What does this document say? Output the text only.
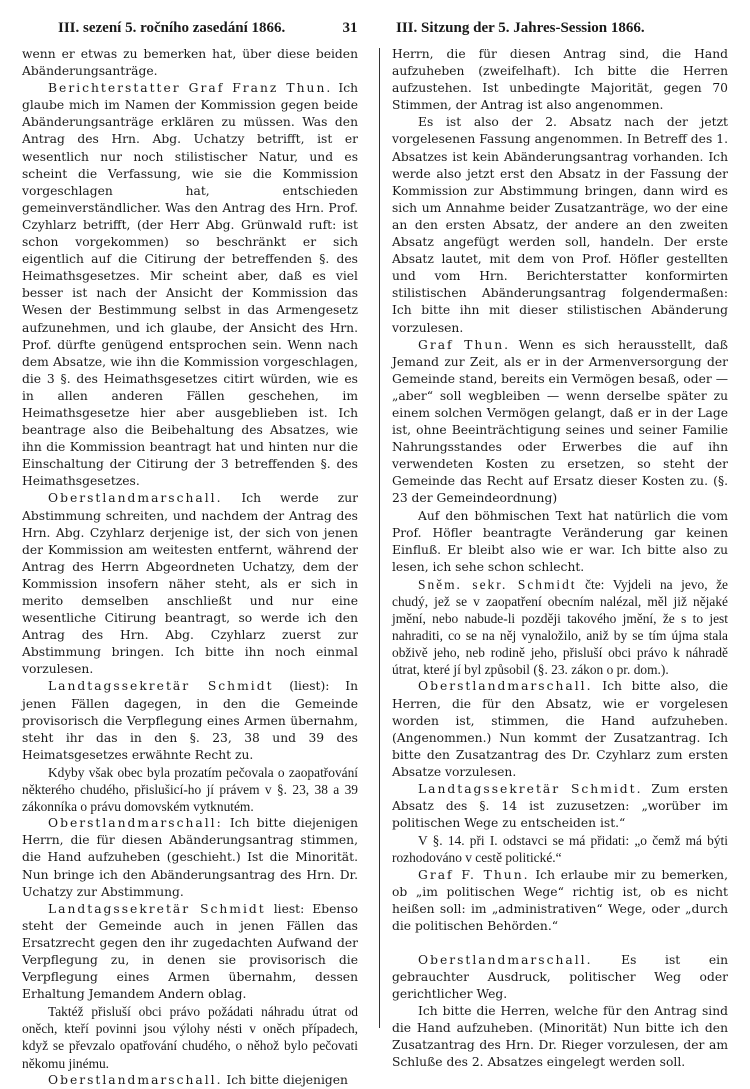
III. sezení 5. ročního zasedání 1866.	31	III. Sitzung der 5. Jahres-Session 1866.

wenn er etwas zu bemerken hat, über diese beiden Abänderungsanträge.

Berichterstatter Graf Franz Thun. Ich glaube mich im Namen der Kommission gegen beide Abänderungsanträge erklären zu müssen. Was den Antrag des Hrn. Abg. Uchatzy betrifft, ist er wesentlich nur noch stilistischer Natur, und es scheint die Verfassung, wie sie die Kommission vorgeschlagen hat, entschieden gemeinverständlicher. Was den Antrag des Hrn. Prof. Czyhlarz betrifft, (der Herr Abg. Grünwald ruft: ist schon vorgekommen) so beschränkt er sich eigentlich auf die Citirung der betreffenden §. des Heimathsgesetzes. Mir scheint aber, daß es viel besser ist nach der Ansicht der Kommission das Wesen der Bestimmung selbst in das Armengesetz aufzunehmen, und ich glaube, der Ansicht des Hrn. Prof. dürfte genügend entsprochen sein. Wenn nach dem Absatze, wie ihn die Kommission vorgeschlagen, die 3 §. des Heimathsgesetzes citirt würden, wie es in allen anderen Fällen geschehen, im Heimathsgesetze hier aber ausgeblieben ist. Ich beantrage also die Beibehaltung des Absatzes, wie ihn die Kommission beantragt hat und hinten nur die Einschaltung der Citirung der 3 betreffenden §. des Heimathsgesetzes.

Oberstlandmarschall. Ich werde zur Abstimmung schreiten, und nachdem der Antrag des Hrn. Abg. Czyhlarz derjenige ist, der sich von jenen der Kommission am weitesten entfernt, während der Antrag des Herrn Abgeordneten Uchatzy, dem der Kommission insofern näher steht, als er sich in merito demselben anschließt und nur eine wesentliche Citirung beantragt, so werde ich den Antrag des Hrn. Abg. Czyhlarz zuerst zur Abstimmung bringen. Ich bitte ihn noch einmal vorzulesen.

Landtagssekretär Schmidt (liest): In jenen Fällen dagegen, in den die Gemeinde provisorisch die Verpflegung eines Armen übernahm, steht ihr das in den §. 23, 38 und 39 des Heimatsgesetzes erwähnte Recht zu.

Kdyby však obec byla prozatím pečovala o zaopatřování některého chudého, přislušicí-ho jí právem v §. 23, 38 a 39 zákonníka o právu domovském vytknutém.

Oberstlandmarschall: Ich bitte diejenigen Herrn, die für diesen Abänderungsantrag stimmen, die Hand aufzuheben (geschieht.) Ist die Minorität. Nun bringe ich den Abänderungsantrag des Hrn. Dr. Uchatzy zur Abstimmung.

Landtagssekretär Schmidt liest: Ebenso steht der Gemeinde auch in jenen Fällen das Ersatzrecht gegen den ihr zugedachten Aufwand der Verpflegung zu, in denen sie provisorisch die Verpflegung eines Armen übernahm, dessen Erhaltung Jemandem Andern oblag.

Taktéž přisluší obci právo požádati náhradu útrat od oněch, kteří povinni jsou výlohy nésti v oněch případech, když se převzalo opatřování chudého, o něhož bylo pečovati někomu jinému.

Oberstlandmarschall. Ich bitte diejenigen

Herrn, die für diesen Antrag sind, die Hand aufzuheben (zweifelhaft). Ich bitte die Herren aufzustehen. Ist unbedingte Majorität, gegen 70 Stimmen, der Antrag ist also angenommen.

Es ist also der 2. Absatz nach der jetzt vorgelesenen Fassung angenommen. In Betreff des 1. Absatzes ist kein Abänderungsantrag vorhanden. Ich werde also jetzt erst den Absatz in der Fassung der Kommission zur Abstimmung bringen, dann wird es sich um Annahme beider Zusatzanträge, wo der eine an den ersten Absatz, der andere an den zweiten Absatz angefügt werden soll, handeln. Der erste Absatz lautet, mit dem von Prof. Höfler gestellten und vom Hrn. Berichterstatter konformirten stilistischen Abänderungsantrag folgendermaßen: Ich bitte ihn mit dieser stilistischen Abänderung vorzulesen.

Graf Thun. Wenn es sich herausstellt, daß Jemand zur Zeit, als er in der Armenversorgung der Gemeinde stand, bereits ein Vermögen besaß, oder — „aber“ soll wegbleiben — wenn derselbe später zu einem solchen Vermögen gelangt, daß er in der Lage ist, ohne Beeinträchtigung seines und seiner Familie Nahrungsstandes oder Erwerbes die auf ihn verwendeten Kosten zu ersetzen, so steht der Gemeinde das Recht auf Ersatz dieser Kosten zu. (§. 23 der Gemeindeordnung)

Auf den böhmischen Text hat natürlich die vom Prof. Höfler beantragte Veränderung gar keinen Einfluß. Er bleibt also wie er war. Ich bitte also zu lesen, ich sehe schon schlecht.

Sněm. sekr. Schmidt čte: Vyjdeli na jevo, že chudý, jež se v zaopatření obecním nalézal, měl již nějaké jmění, nebo nabude-li později takového jmění, že s to jest nahraditi, co se na něj vynaložilo, aniž by se tím újma stala obživě jeho, neb rodině jeho, přisluší obci právo k náhradě útrat, které jí byl způsobil (§. 23. zákon o pr. dom.).

Oberstlandmarschall. Ich bitte also, die Herren, die für den Absatz, wie er vorgelesen worden ist, stimmen, die Hand aufzuheben. (Angenommen.) Nun kommt der Zusatzantrag. Ich bitte den Zusatzantrag des Dr. Czyhlarz zum ersten Absatze vorzulesen.

Landtagssekretär Schmidt. Zum ersten Absatz des §. 14 ist zuzusetzen: „worüber im politischen Wege zu entscheiden ist.“

V §. 14. při I. odstavci se má přidati: „o čemž má býti rozhodováno v cestě politické.“

Graf F. Thun. Ich erlaube mir zu bemerken, ob „im politischen Wege“ richtig ist, ob es nicht heißen soll: im „administrativen“ Wege, oder „durch die politischen Behörden.“

Oberstlandmarschall. Es ist ein gebrauchter Ausdruck, politischer Weg oder gerichtlicher Weg.

Ich bitte die Herren, welche für den Antrag sind die Hand aufzuheben. (Minorität) Nun bitte ich den Zusatzantrag des Hrn. Dr. Rieger vorzulesen, der am Schluße des 2. Absatzes eingelegt werden soll.
